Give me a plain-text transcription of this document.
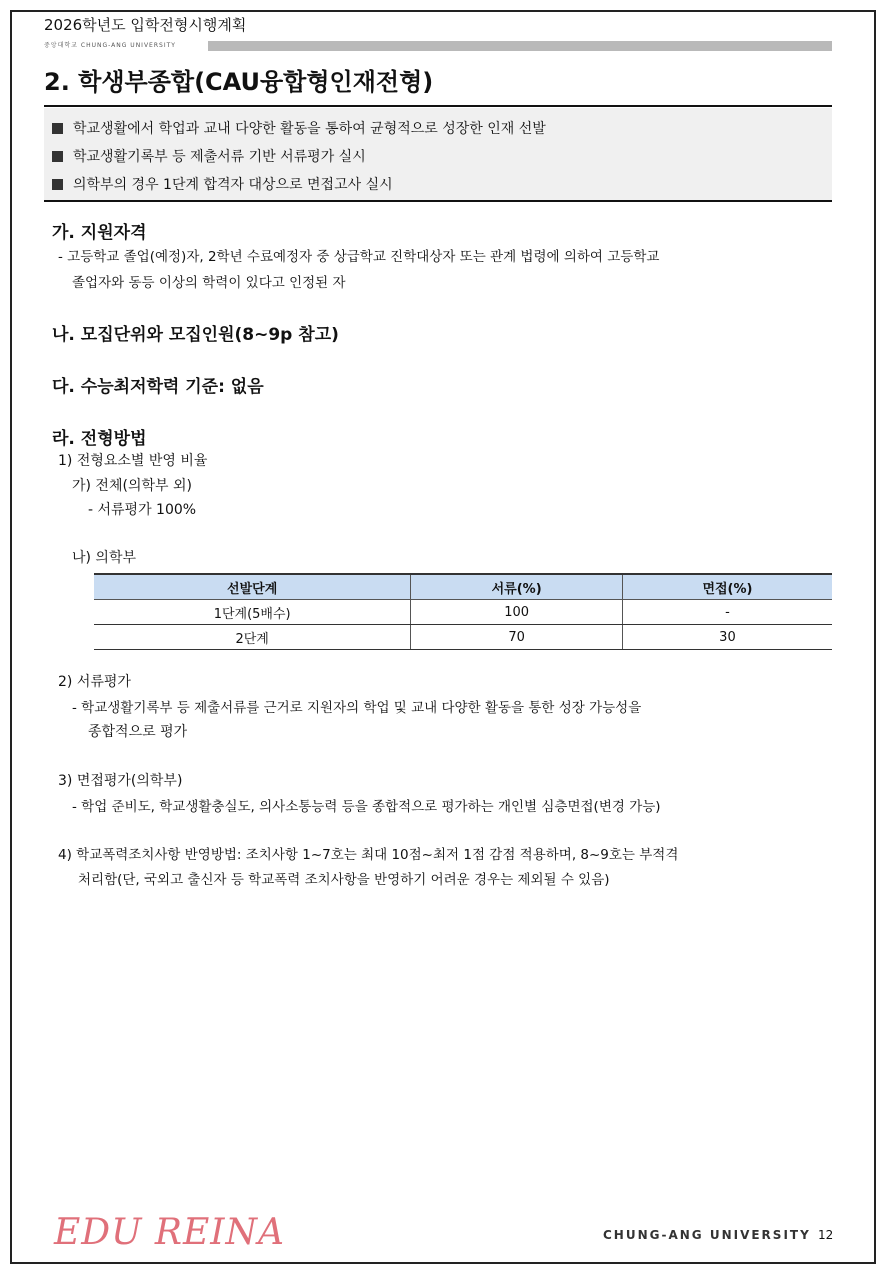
2026학년도 입학전형시행계획
중앙대학교 CHUNG-ANG UNIVERSITY
2. 학생부종합(CAU융합형인재전형)
학교생활에서 학업과 교내 다양한 활동을 통하여 균형적으로 성장한 인재 선발
학교생활기록부 등 제출서류 기반 서류평가 실시
의학부의 경우 1단계 합격자 대상으로 면접고사 실시
가. 지원자격
- 고등학교 졸업(예정)자, 2학년 수료예정자 중 상급학교 진학대상자 또는 관계 법령에 의하여 고등학교
졸업자와 동등 이상의 학력이 있다고 인정된 자
나. 모집단위와 모집인원(8~9p 참고)
다. 수능최저학력 기준: 없음
라. 전형방법
1) 전형요소별 반영 비율
가) 전체(의학부 외)
- 서류평가 100%
나) 의학부
선발단계	서류(%)	면접(%)
1단계(5배수)	100	-
2단계	70	30
2) 서류평가
- 학교생활기록부 등 제출서류를 근거로 지원자의 학업 및 교내 다양한 활동을 통한 성장 가능성을
종합적으로 평가
3) 면접평가(의학부)
- 학업 준비도, 학교생활충실도, 의사소통능력 등을 종합적으로 평가하는 개인별 심층면접(변경 가능)
4) 학교폭력조치사항 반영방법: 조치사항 1~7호는 최대 10점~최저 1점 감점 적용하며, 8~9호는 부적격
처리함(단, 국외고 출신자 등 학교폭력 조치사항을 반영하기 어려운 경우는 제외될 수 있음)
EDU REINA	CHUNG-ANG UNIVERSITY 12
